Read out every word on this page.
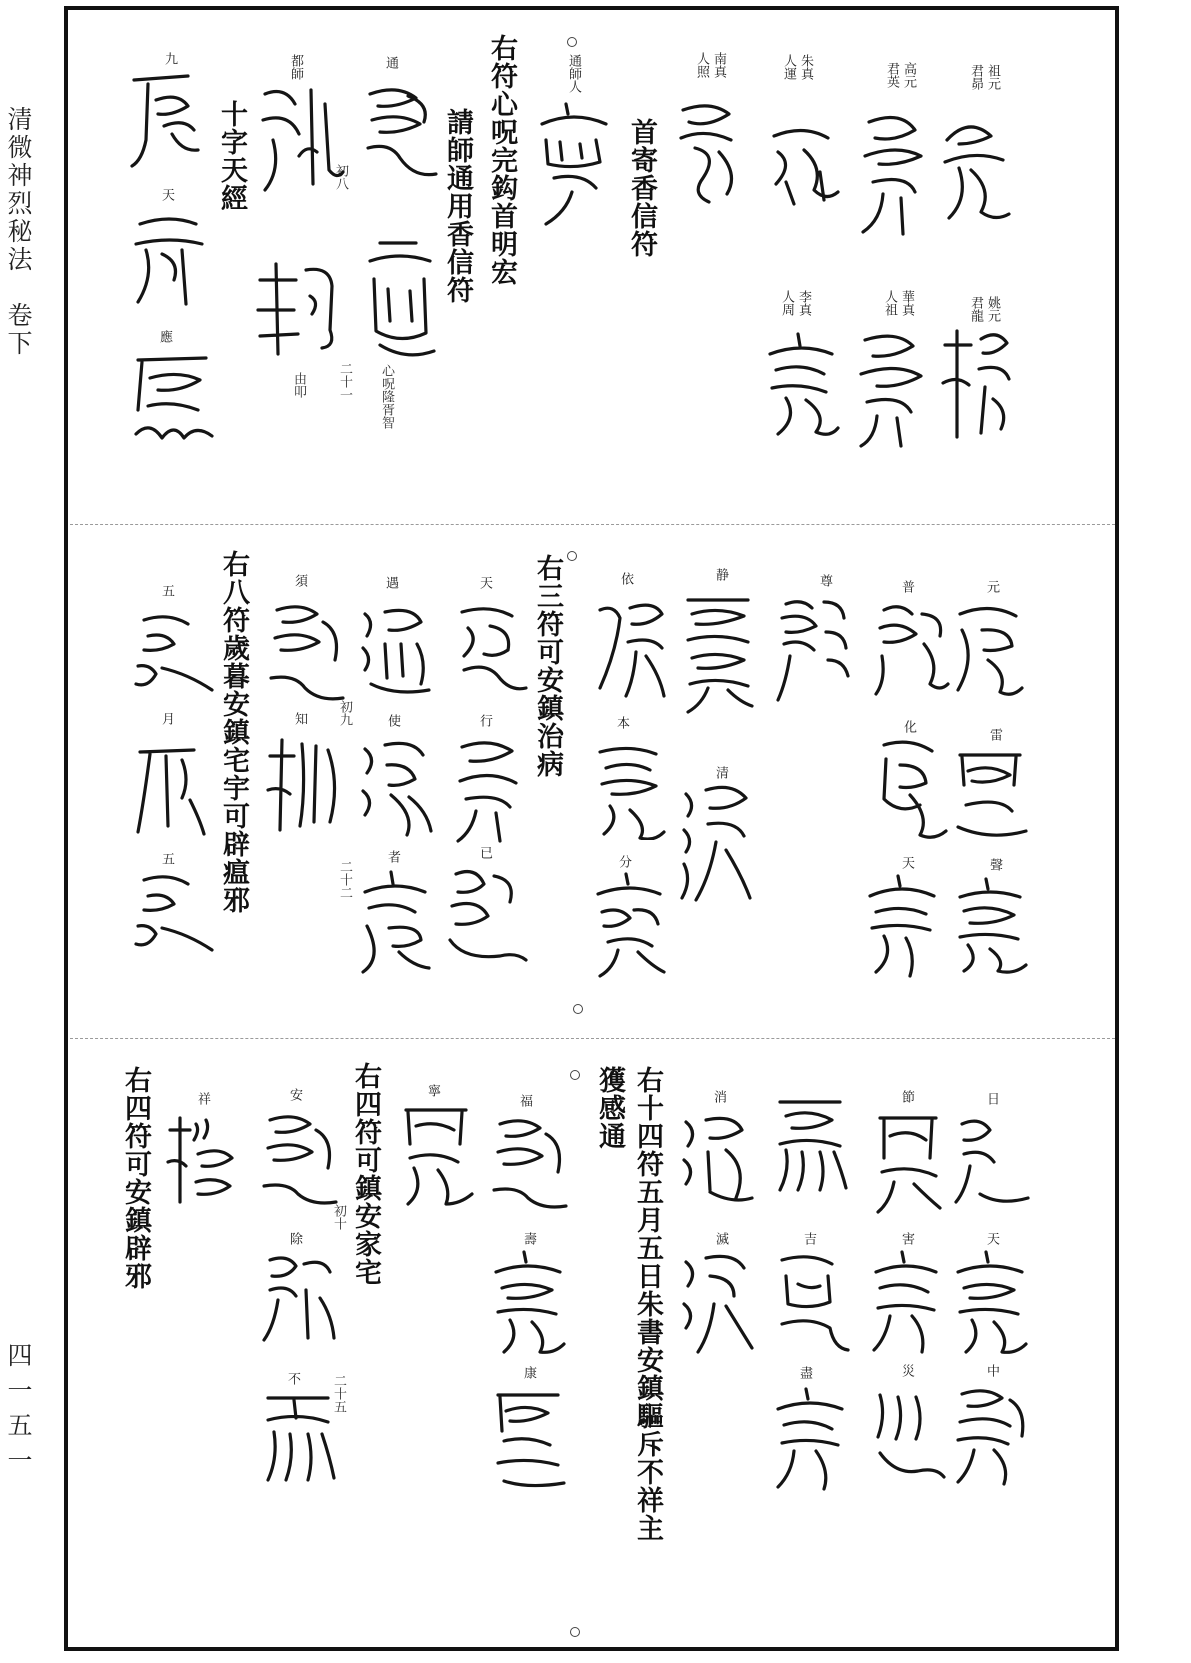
清微神烈秘法　卷下
四一五一
祖元
君昴
高元
君英
朱真
人運
南真
人照
姚元
君龍
華真
人祖
李真
人周
通師人
通
都師
九
天
應
首寄香信符
右符心呪完鈎首明宏
請師通用香信符
十字天經
心呪隆胥智
二十一
由叩
初八
元
雷
聲
普
化
天
尊
静
清
依
本
分
天
行
已
遇
使
者
須
知
五
月
五
右三符可安鎮治病
右八符歲暮安鎮宅宇可辟瘟邪	二十二
初九
日
天
中
節
害
災
吉
盡
消
滅
福
壽
康
寧
安
除
不
祥	右十四符五月五日朱書安鎮驅斥不祥主
獲感通
右四符可鎮安家宅
右四符可安鎮辟邪	初十
二十五
